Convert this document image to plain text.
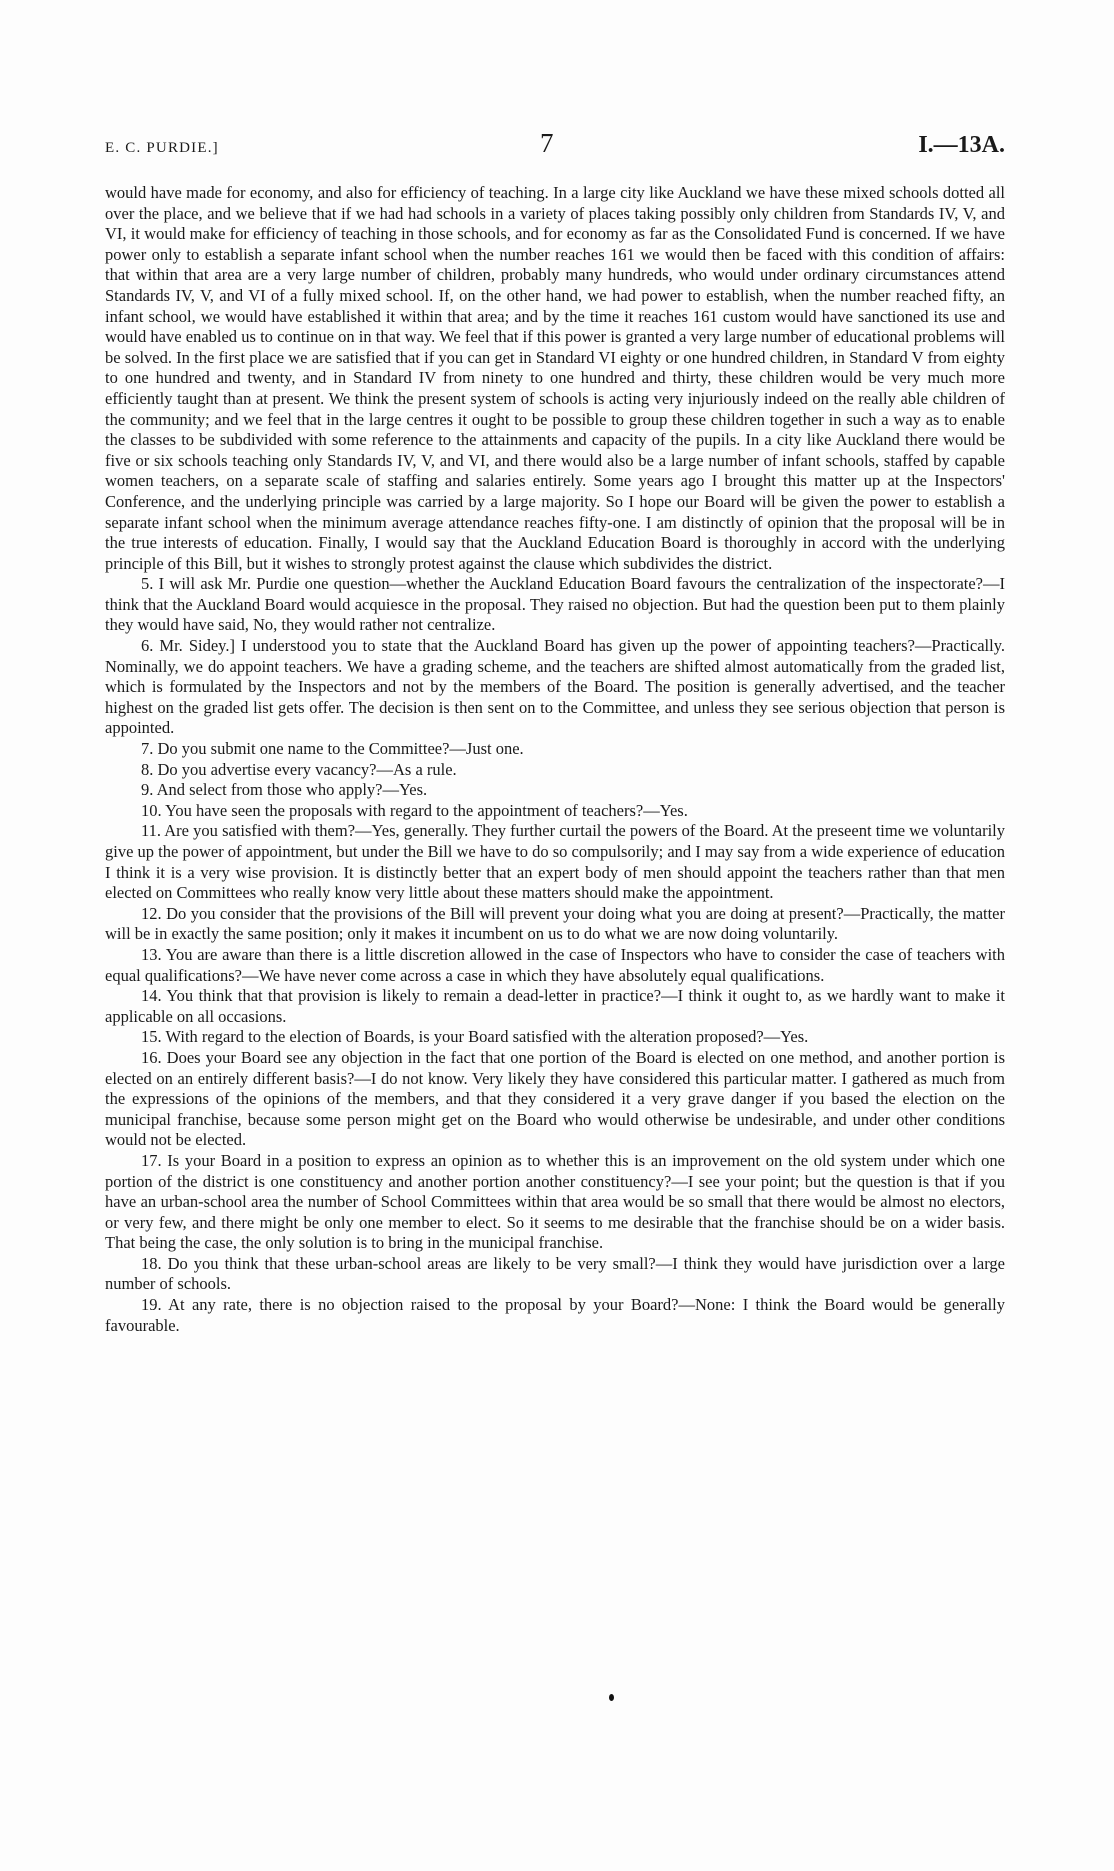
E. C. PURDIE.]	7	I.—13A.

would have made for economy, and also for efficiency of teaching. In a large city like Auckland we have these mixed schools dotted all over the place, and we believe that if we had had schools in a variety of places taking possibly only children from Standards IV, V, and VI, it would make for efficiency of teaching in those schools, and for economy as far as the Consolidated Fund is concerned. If we have power only to establish a separate infant school when the number reaches 161 we would then be faced with this condition of affairs: that within that area are a very large number of children, probably many hundreds, who would under ordinary circumstances attend Standards IV, V, and VI of a fully mixed school. If, on the other hand, we had power to establish, when the number reached fifty, an infant school, we would have established it within that area; and by the time it reaches 161 custom would have sanctioned its use and would have enabled us to continue on in that way. We feel that if this power is granted a very large number of educational problems will be solved. In the first place we are satisfied that if you can get in Standard VI eighty or one hundred children, in Standard V from eighty to one hundred and twenty, and in Standard IV from ninety to one hundred and thirty, these children would be very much more efficiently taught than at present. We think the present system of schools is acting very injuriously indeed on the really able children of the community; and we feel that in the large centres it ought to be possible to group these children together in such a way as to enable the classes to be subdivided with some reference to the attainments and capacity of the pupils. In a city like Auckland there would be five or six schools teaching only Standards IV, V, and VI, and there would also be a large number of infant schools, staffed by capable women teachers, on a separate scale of staffing and salaries entirely. Some years ago I brought this matter up at the Inspectors' Conference, and the underlying principle was carried by a large majority. So I hope our Board will be given the power to establish a separate infant school when the minimum average attendance reaches fifty-one. I am distinctly of opinion that the proposal will be in the true interests of education. Finally, I would say that the Auckland Education Board is thoroughly in accord with the underlying principle of this Bill, but it wishes to strongly protest against the clause which subdivides the district.

5. I will ask Mr. Purdie one question—whether the Auckland Education Board favours the centralization of the inspectorate?—I think that the Auckland Board would acquiesce in the proposal. They raised no objection. But had the question been put to them plainly they would have said, No, they would rather not centralize.

6. Mr. Sidey.] I understood you to state that the Auckland Board has given up the power of appointing teachers?—Practically. Nominally, we do appoint teachers. We have a grading scheme, and the teachers are shifted almost automatically from the graded list, which is formulated by the Inspectors and not by the members of the Board. The position is generally advertised, and the teacher highest on the graded list gets offer. The decision is then sent on to the Committee, and unless they see serious objection that person is appointed.

7. Do you submit one name to the Committee?—Just one.

8. Do you advertise every vacancy?—As a rule.

9. And select from those who apply?—Yes.

10. You have seen the proposals with regard to the appointment of teachers?—Yes.

11. Are you satisfied with them?—Yes, generally. They further curtail the powers of the Board. At the preseent time we voluntarily give up the power of appointment, but under the Bill we have to do so compulsorily; and I may say from a wide experience of education I think it is a very wise provision. It is distinctly better that an expert body of men should appoint the teachers rather than that men elected on Committees who really know very little about these matters should make the appointment.

12. Do you consider that the provisions of the Bill will prevent your doing what you are doing at present?—Practically, the matter will be in exactly the same position; only it makes it incumbent on us to do what we are now doing voluntarily.

13. You are aware than there is a little discretion allowed in the case of Inspectors who have to consider the case of teachers with equal qualifications?—We have never come across a case in which they have absolutely equal qualifications.

14. You think that that provision is likely to remain a dead-letter in practice?—I think it ought to, as we hardly want to make it applicable on all occasions.

15. With regard to the election of Boards, is your Board satisfied with the alteration proposed?—Yes.

16. Does your Board see any objection in the fact that one portion of the Board is elected on one method, and another portion is elected on an entirely different basis?—I do not know. Very likely they have considered this particular matter. I gathered as much from the expressions of the opinions of the members, and that they considered it a very grave danger if you based the election on the municipal franchise, because some person might get on the Board who would otherwise be undesirable, and under other conditions would not be elected.

17. Is your Board in a position to express an opinion as to whether this is an improvement on the old system under which one portion of the district is one constituency and another portion another constituency?—I see your point; but the question is that if you have an urban-school area the number of School Committees within that area would be so small that there would be almost no electors, or very few, and there might be only one member to elect. So it seems to me desirable that the franchise should be on a wider basis. That being the case, the only solution is to bring in the municipal franchise.

18. Do you think that these urban-school areas are likely to be very small?—I think they would have jurisdiction over a large number of schools.

19. At any rate, there is no objection raised to the proposal by your Board?—None: I think the Board would be generally favourable.
